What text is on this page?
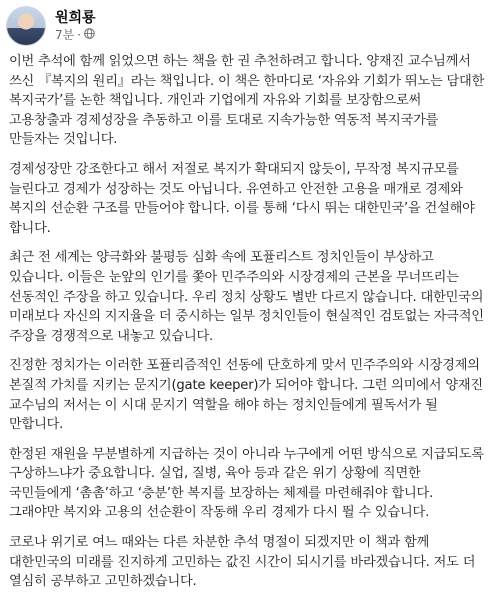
원희룡
7분 ·

이번 추석에 함께 읽었으면 하는 책을 한 권 추천하려고 합니다. 양재진 교수님께서 쓰신 『복지의 원리』라는 책입니다. 이 책은 한마디로 ‘자유와 기회가 뛰노는 담대한 복지국가’를 논한 책입니다. 개인과 기업에게 자유와 기회를 보장함으로써 고용창출과 경제성장을 추동하고 이를 토대로 지속가능한 역동적 복지국가를 만들자는 것입니다.

경제성장만 강조한다고 해서 저절로 복지가 확대되지 않듯이, 무작정 복지규모를 늘린다고 경제가 성장하는 것도 아닙니다. 유연하고 안전한 고용을 매개로 경제와 복지의 선순환 구조를 만들어야 합니다. 이를 통해 ‘다시 뛰는 대한민국’을 건설해야 합니다.

최근 전 세계는 양극화와 불평등 심화 속에 포퓰리스트 정치인들이 부상하고 있습니다. 이들은 눈앞의 인기를 쫓아 민주주의와 시장경제의 근본을 무너뜨리는 선동적인 주장을 하고 있습니다. 우리 정치 상황도 별반 다르지 않습니다. 대한민국의 미래보다 자신의 지지율을 더 중시하는 일부 정치인들이 현실적인 검토없는 자극적인 주장을 경쟁적으로 내놓고 있습니다.

진정한 정치가는 이러한 포퓰리즘적인 선동에 단호하게 맞서 민주주의와 시장경제의 본질적 가치를 지키는 문지기(gate keeper)가 되어야 합니다. 그런 의미에서 양재진 교수님의 저서는 이 시대 문지기 역할을 해야 하는 정치인들에게 필독서가 될 만합니다.

한정된 재원을 무분별하게 지급하는 것이 아니라 누구에게 어떤 방식으로 지급되도록 구상하느냐가 중요합니다. 실업, 질병, 육아 등과 같은 위기 상황에 직면한 국민들에게 ‘촘촘’하고 ‘충분’한 복지를 보장하는 체제를 마련해줘야 합니다. 그래야만 복지와 고용의 선순환이 작동해 우리 경제가 다시 뛸 수 있습니다.

코로나 위기로 여느 때와는 다른 차분한 추석 명절이 되겠지만 이 책과 함께 대한민국의 미래를 진지하게 고민하는 값진 시간이 되시기를 바라겠습니다. 저도 더 열심히 공부하고 고민하겠습니다.
